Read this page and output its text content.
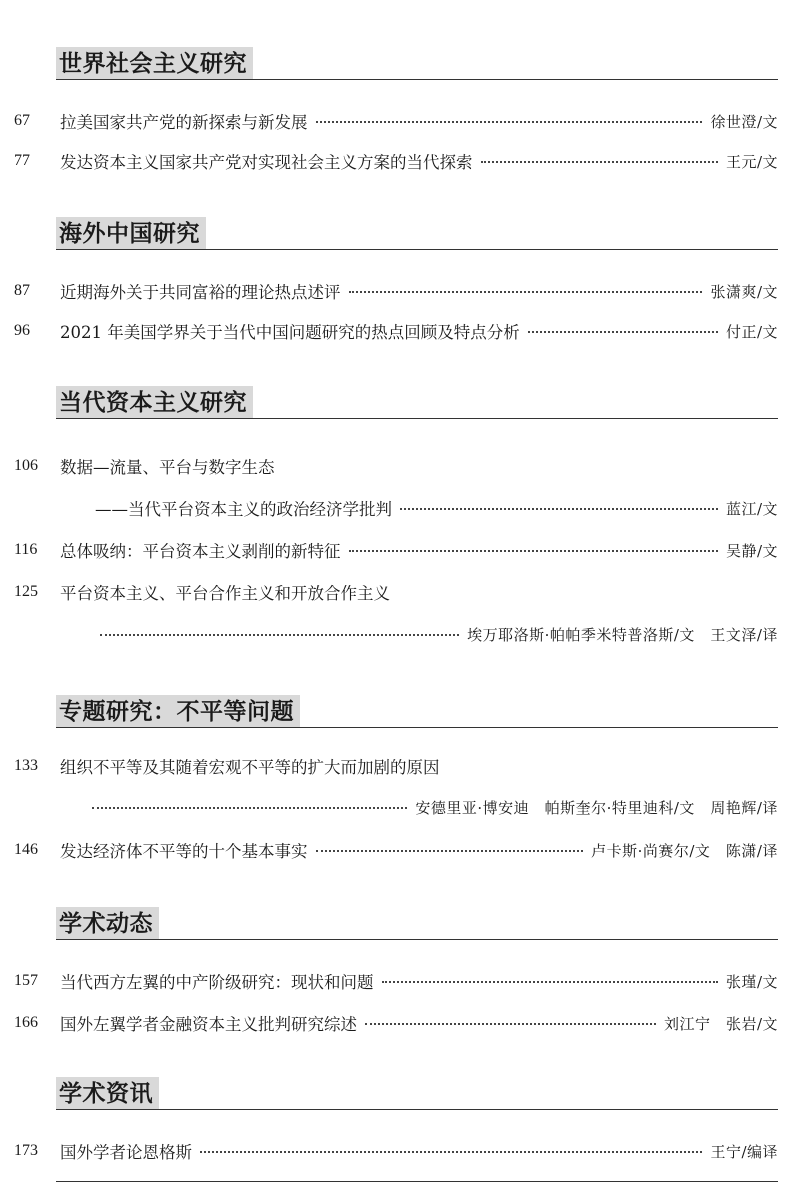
世界社会主义研究
67	拉美国家共产党的新探索与新发展	徐世澄/文
77	发达资本主义国家共产党对实现社会主义方案的当代探索	王元/文
海外中国研究
87	近期海外关于共同富裕的理论热点述评	张潇爽/文
96	2021 年美国学界关于当代中国问题研究的热点回顾及特点分析	付正/文
当代资本主义研究
106	数据—流量、平台与数字生态
——当代平台资本主义的政治经济学批判	蓝江/文
116	总体吸纳：平台资本主义剥削的新特征	吴静/文
125	平台资本主义、平台合作主义和开放合作主义
埃万耶洛斯·帕帕季米特普洛斯/文　王文泽/译
专题研究：不平等问题
133	组织不平等及其随着宏观不平等的扩大而加剧的原因
安德里亚·博安迪　帕斯奎尔·特里迪科/文　周艳辉/译
146	发达经济体不平等的十个基本事实	卢卡斯·尚赛尔/文　陈潇/译
学术动态
157	当代西方左翼的中产阶级研究：现状和问题	张瑾/文
166	国外左翼学者金融资本主义批判研究综述	刘江宁　张岩/文
学术资讯
173	国外学者论恩格斯	王宁/编译
